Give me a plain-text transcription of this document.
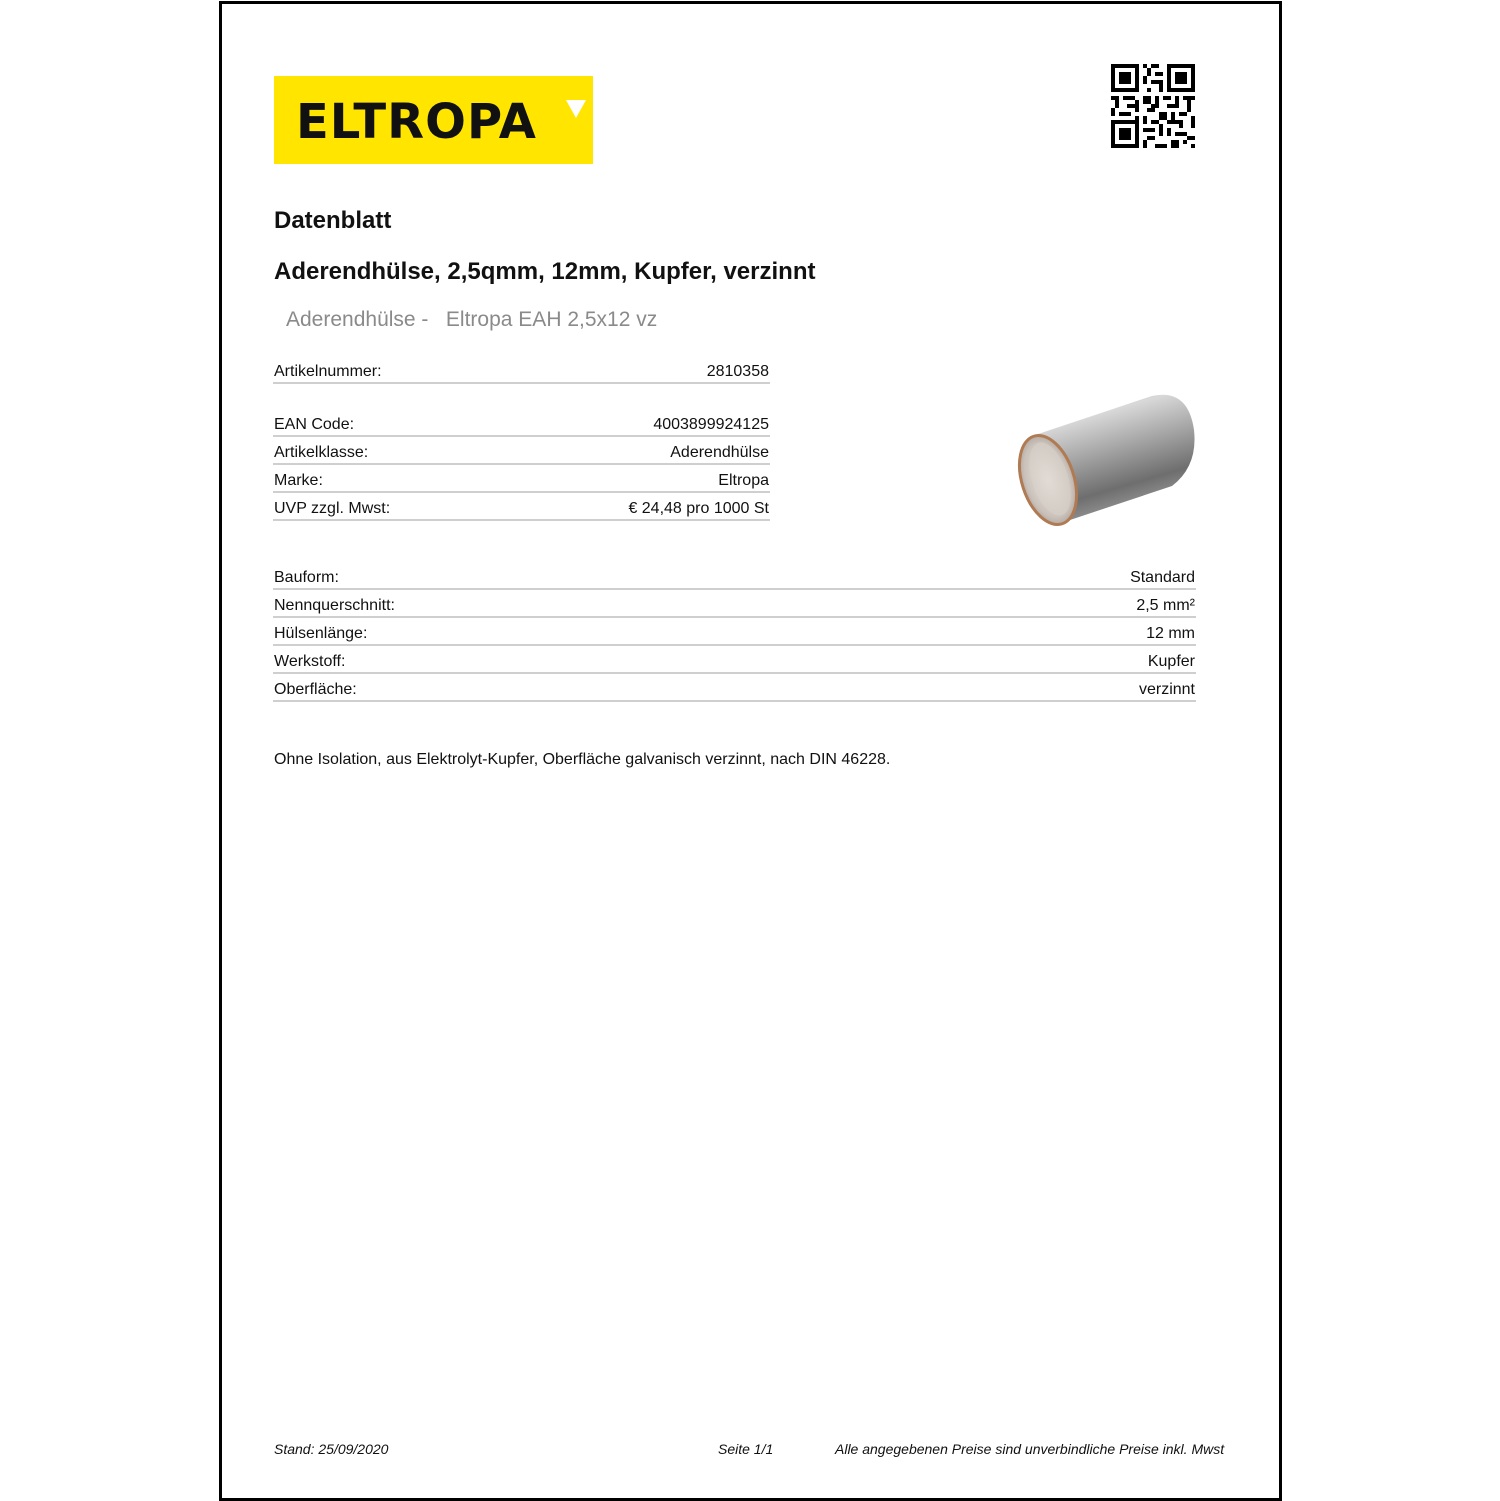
ELTROPA
Datenblatt
Aderendhülse, 2,5qmm, 12mm, Kupfer, verzinnt
Aderendhülse -   Eltropa EAH 2,5x12 vz
Artikelnummer:	2810358
EAN Code:	4003899924125
Artikelklasse:	Aderendhülse
Marke:	Eltropa
UVP zzgl. Mwst:	€ 24,48 pro 1000 St
Bauform:	Standard
Nennquerschnitt:	2,5 mm²
Hülsenlänge:	12 mm
Werkstoff:	Kupfer
Oberfläche:	verzinnt
Ohne Isolation, aus Elektrolyt-Kupfer, Oberfläche galvanisch verzinnt, nach DIN 46228.
Stand: 25/09/2020	Seite 1/1	Alle angegebenen Preise sind unverbindliche Preise inkl. Mwst
